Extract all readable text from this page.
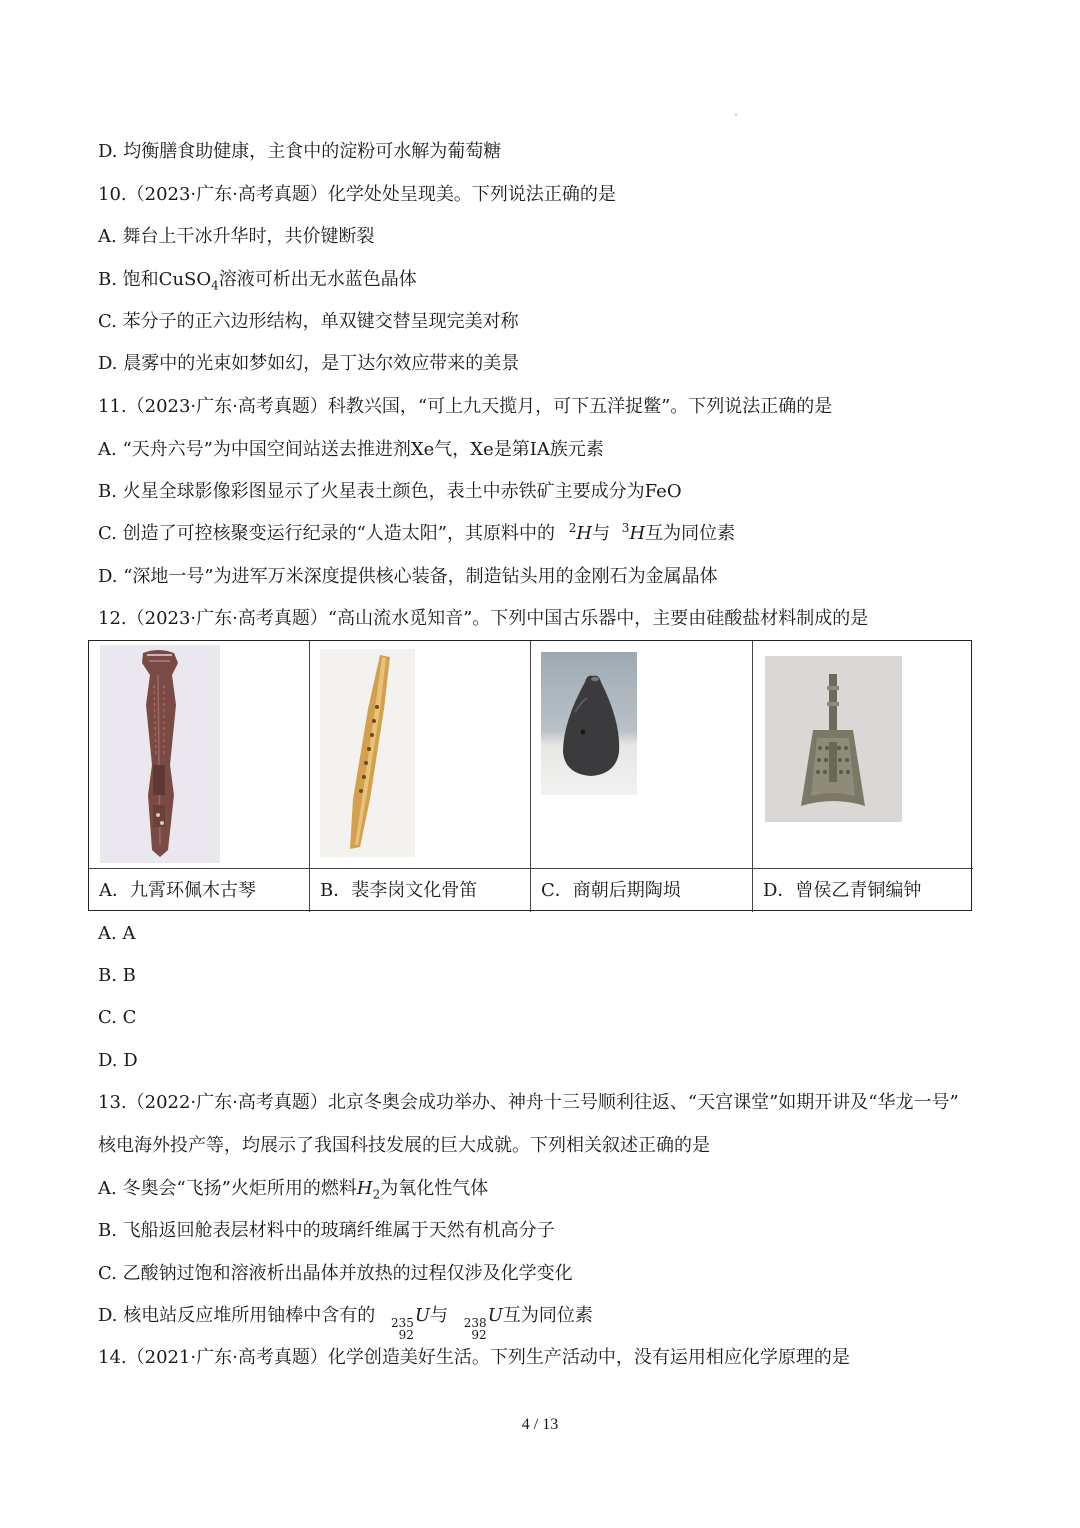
D. 均衡膳食助健康，主食中的淀粉可水解为葡萄糖
10.（2023·广东·高考真题）化学处处呈现美。下列说法正确的是
A. 舞台上干冰升华时，共价键断裂
B. 饱和CuSO$_4$溶液可析出无水蓝色晶体
C. 苯分子的正六边形结构，单双键交替呈现完美对称
D. 晨雾中的光束如梦如幻，是丁达尔效应带来的美景
11.（2023·广东·高考真题）科教兴国，“可上九天揽月，可下五洋捉鳖”。下列说法正确的是
A. “天舟六号”为中国空间站送去推进剂Xe气，Xe是第IA族元素
B. 火星全球影像彩图显示了火星表土颜色，表土中赤铁矿主要成分为FeO
C. 创造了可控核聚变运行纪录的“人造太阳”，其原料中的 $^2$H与 $^3$H互为同位素
D. “深地一号”为进军万米深度提供核心装备，制造钻头用的金刚石为金属晶体
12.（2023·广东·高考真题）“高山流水觅知音”。下列中国古乐器中，主要由硅酸盐材料制成的是
A．九霄环佩木古琴	B．裴李岗文化骨笛	C．商朝后期陶埙	D．曾侯乙青铜编钟
A. A
B. B
C. C
D. D
13.（2022·广东·高考真题）北京冬奥会成功举办、神舟十三号顺利往返、“天宫课堂”如期开讲及“华龙一号”
核电海外投产等，均展示了我国科技发展的巨大成就。下列相关叙述正确的是
A. 冬奥会“飞扬”火炬所用的燃料$H_2$为氧化性气体
B. 飞船返回舱表层材料中的玻璃纤维属于天然有机高分子
C. 乙酸钠过饱和溶液析出晶体并放热的过程仅涉及化学变化
D. 核电站反应堆所用铀棒中含有的 235
92
U与 238
92
U互为同位素
14.（2021·广东·高考真题）化学创造美好生活。下列生产活动中，没有运用相应化学原理的是
4 / 13
